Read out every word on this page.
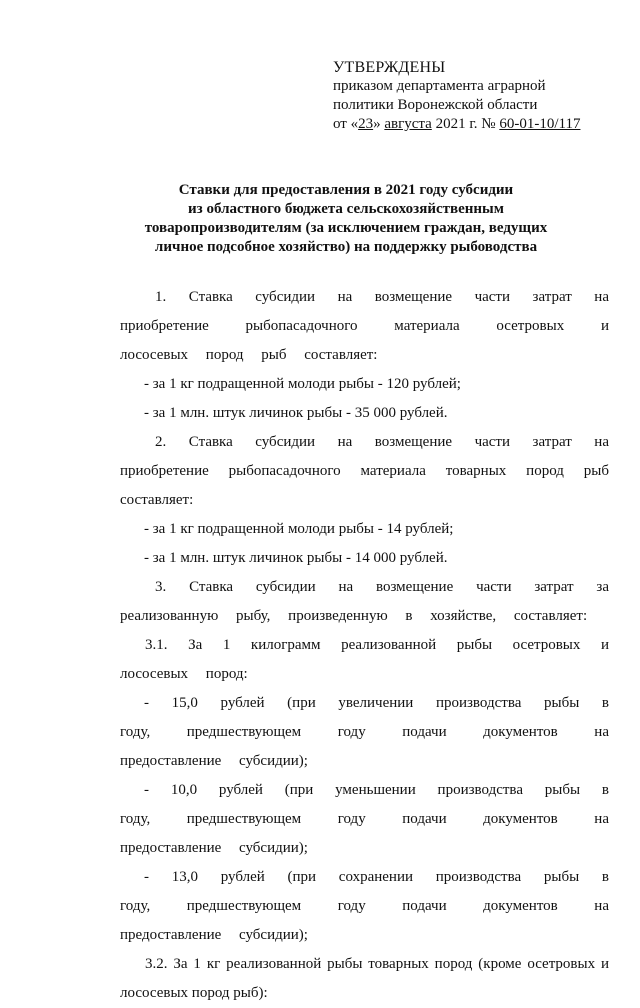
УТВЕРЖДЕНЫ
приказом департамента аграрной
политики Воронежской области
от «23» августа 2021 г. № 60-01-10/117
Ставки для предоставления в 2021 году субсидии
из областного бюджета сельскохозяйственным
товаропроизводителям (за исключением граждан, ведущих
личное подсобное хозяйство) на поддержку рыбоводства

1. Ставка субсидии на возмещение части затрат на приобретение рыбопасадочного материала осетровых и лососевых пород рыб составляет:

- за 1 кг подращенной молоди рыбы - 120 рублей;

- за 1 млн. штук личинок рыбы - 35 000 рублей.

2. Ставка субсидии на возмещение части затрат на приобретение рыбопасадочного материала товарных пород рыб составляет:

- за 1 кг подращенной молоди рыбы - 14 рублей;

- за 1 млн. штук личинок рыбы - 14 000 рублей.

3. Ставка субсидии на возмещение части затрат за реализованную рыбу, произведенную в хозяйстве, составляет:

3.1. За 1 килограмм реализованной рыбы осетровых и лососевых пород:

- 15,0 рублей (при увеличении производства рыбы в году, предшествующем году подачи документов на предоставление субсидии);

- 10,0 рублей (при уменьшении производства рыбы в году, предшествующем году подачи документов на предоставление субсидии);

- 13,0 рублей (при сохранении производства рыбы в году, предшествующем году подачи документов на предоставление субсидии);

3.2. За 1 кг реализованной рыбы товарных пород (кроме осетровых и лососевых пород рыб):
